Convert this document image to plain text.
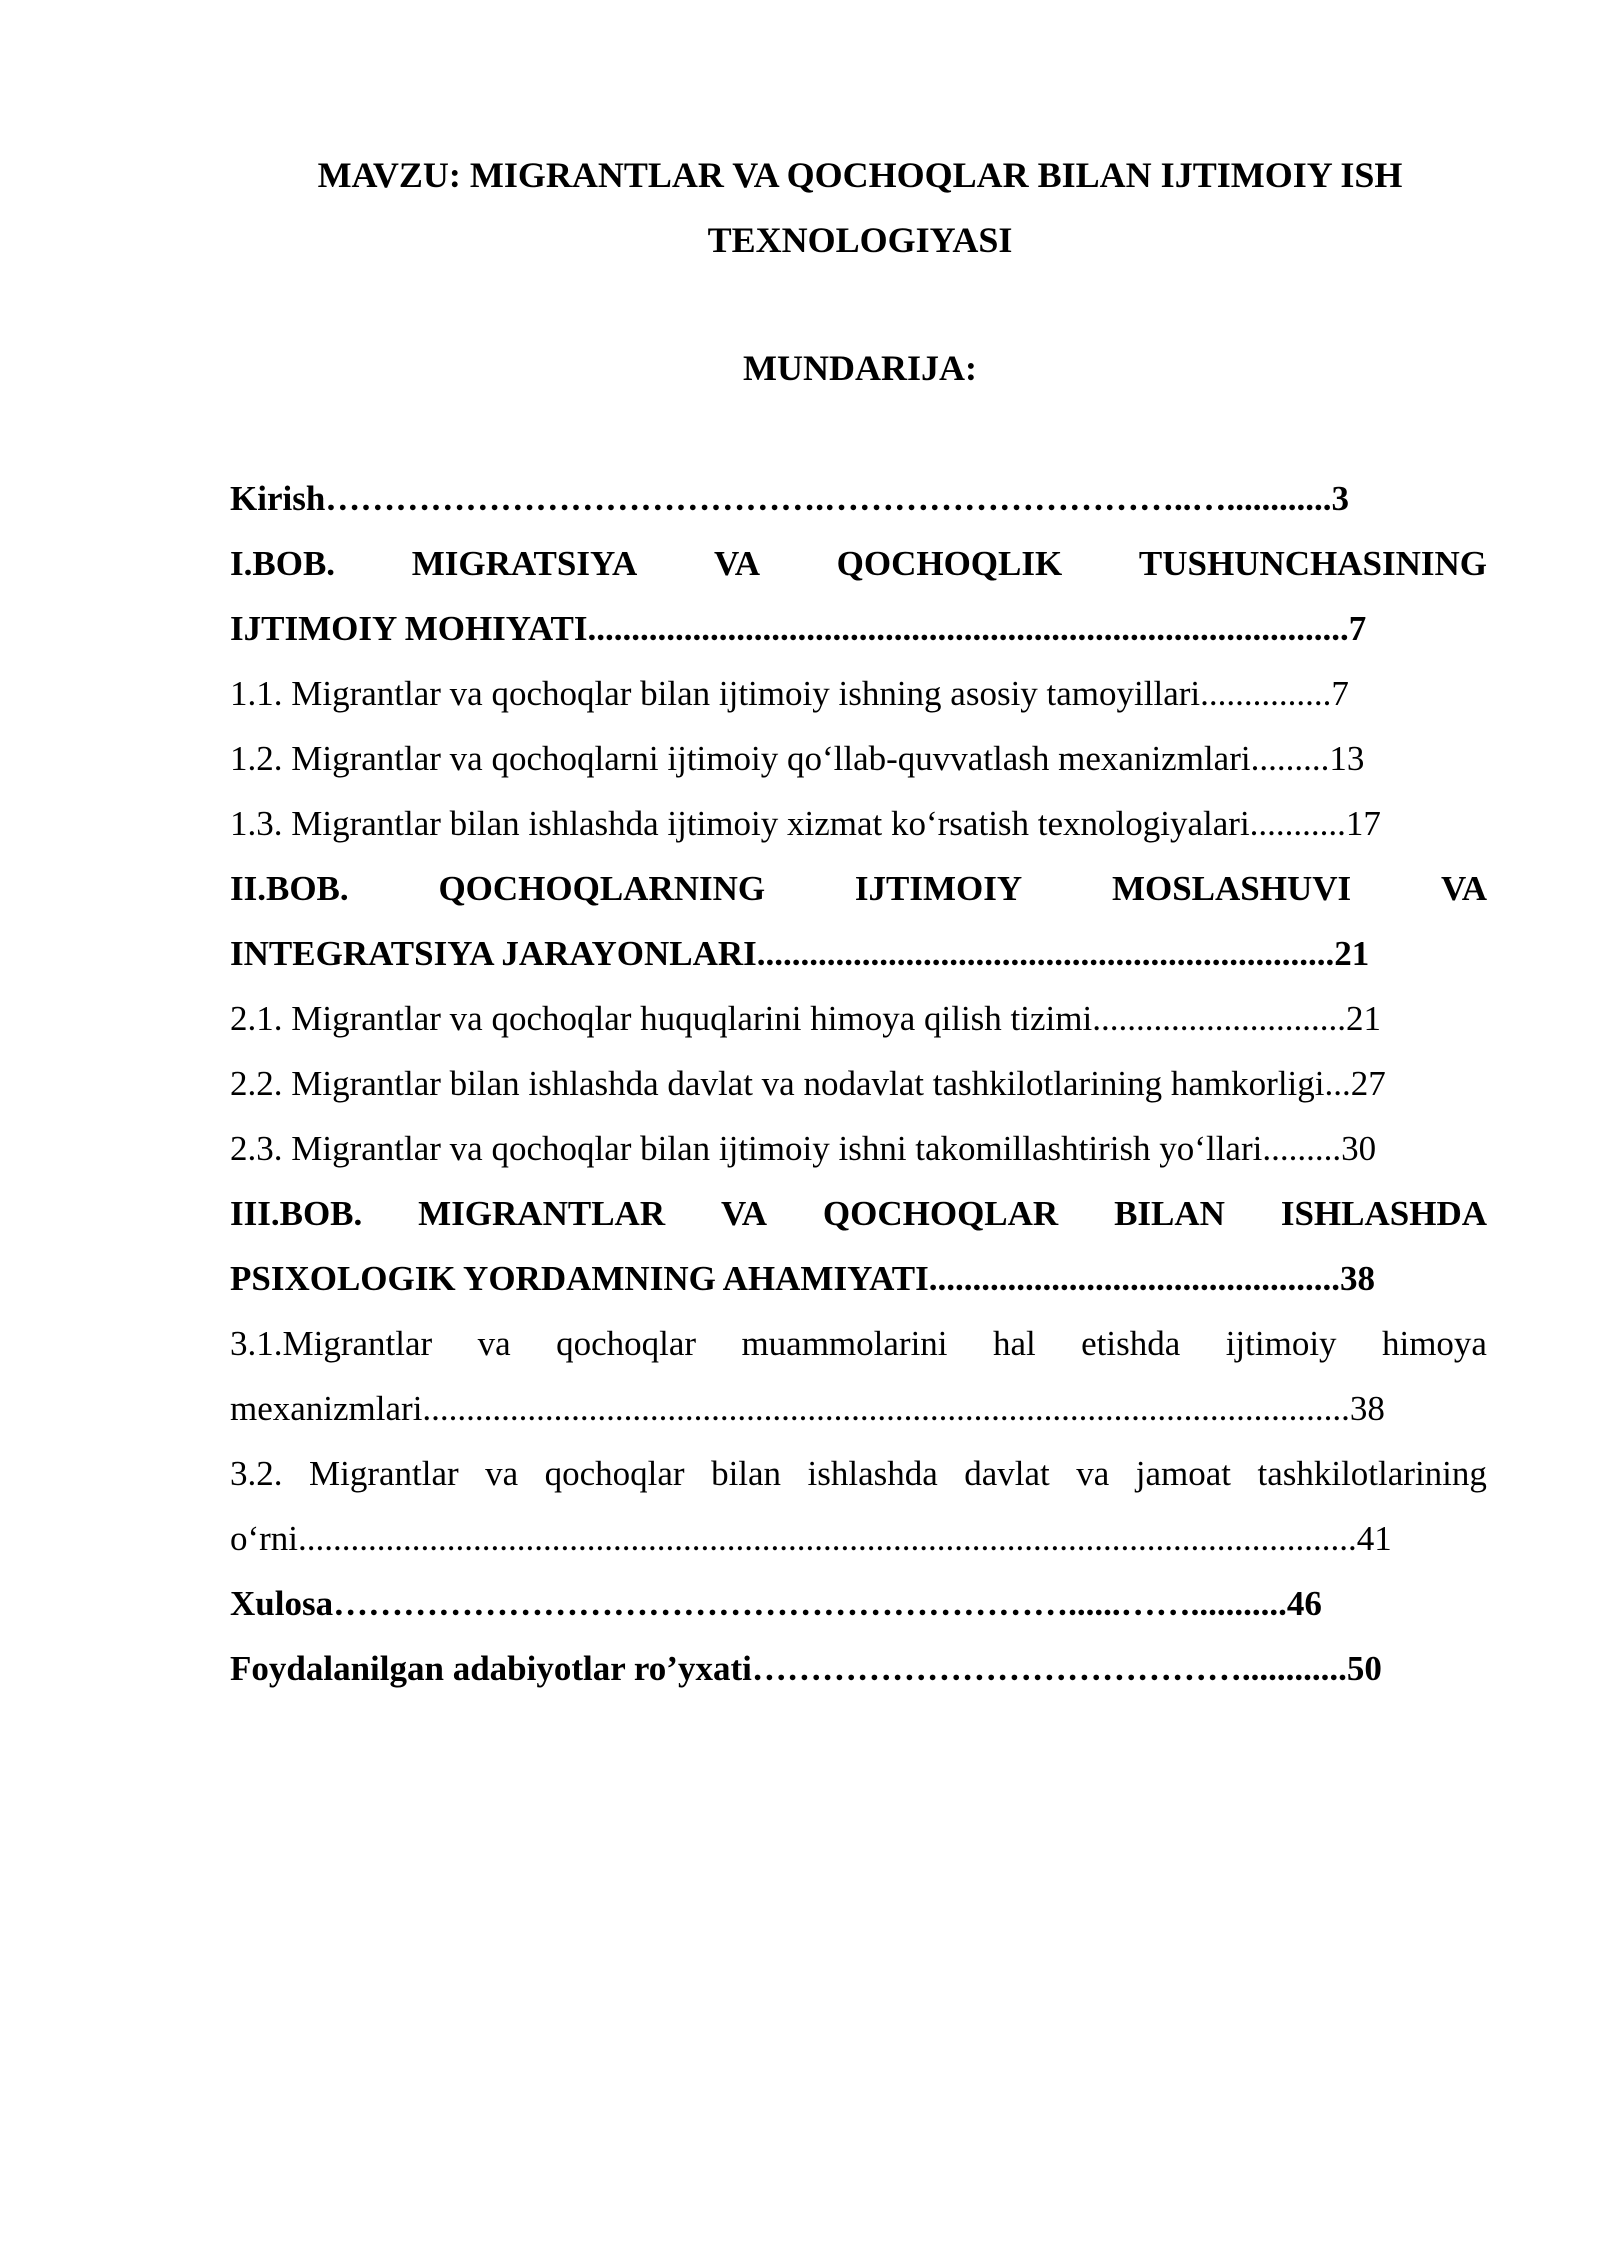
MAVZU: MIGRANTLAR VA QOCHOQLAR BILAN IJTIMOIY ISH
TEXNOLOGIYASI
MUNDARIJA:
Kirish…………………………………….…………………………..…............3
I.BOB. MIGRATSIYA VA QOCHOQLIK TUSHUNCHASINING
IJTIMOIY MOHIYATI.......................................................................................7
1.1. Migrantlar va qochoqlar bilan ijtimoiy ishning asosiy tamoyillari...............7
1.2. Migrantlar va qochoqlarni ijtimoiy qo‘llab-quvvatlash mexanizmlari.........13
1.3. Migrantlar bilan ishlashda ijtimoiy xizmat ko‘rsatish texnologiyalari...........17
II.BOB.	QOCHOQLARNING	IJTIMOIY	MOSLASHUVI	VA
INTEGRATSIYA JARAYONLARI..................................................................21
2.1. Migrantlar va qochoqlar huquqlarini himoya qilish tizimi.............................21
2.2. Migrantlar bilan ishlashda davlat va nodavlat tashkilotlarining hamkorligi...27
2.3. Migrantlar va qochoqlar bilan ijtimoiy ishni takomillashtirish yo‘llari.........30
III.BOB. MIGRANTLAR VA QOCHOQLAR BILAN ISHLASHDA
PSIXOLOGIK YORDAMNING AHAMIYATI...............................................38
3.1.Migrantlar va qochoqlar muammolarini hal etishda ijtimoiy himoya
mexanizmlari..........................................................................................................38
3.2. Migrantlar va qochoqlar bilan ishlashda davlat va jamoat tashkilotlarining
o‘rni.........................................................................................................................41
Xulosa………………………………………………………......……...........46
Foydalanilgan adabiyotlar ro’yxati……………………………………............50
